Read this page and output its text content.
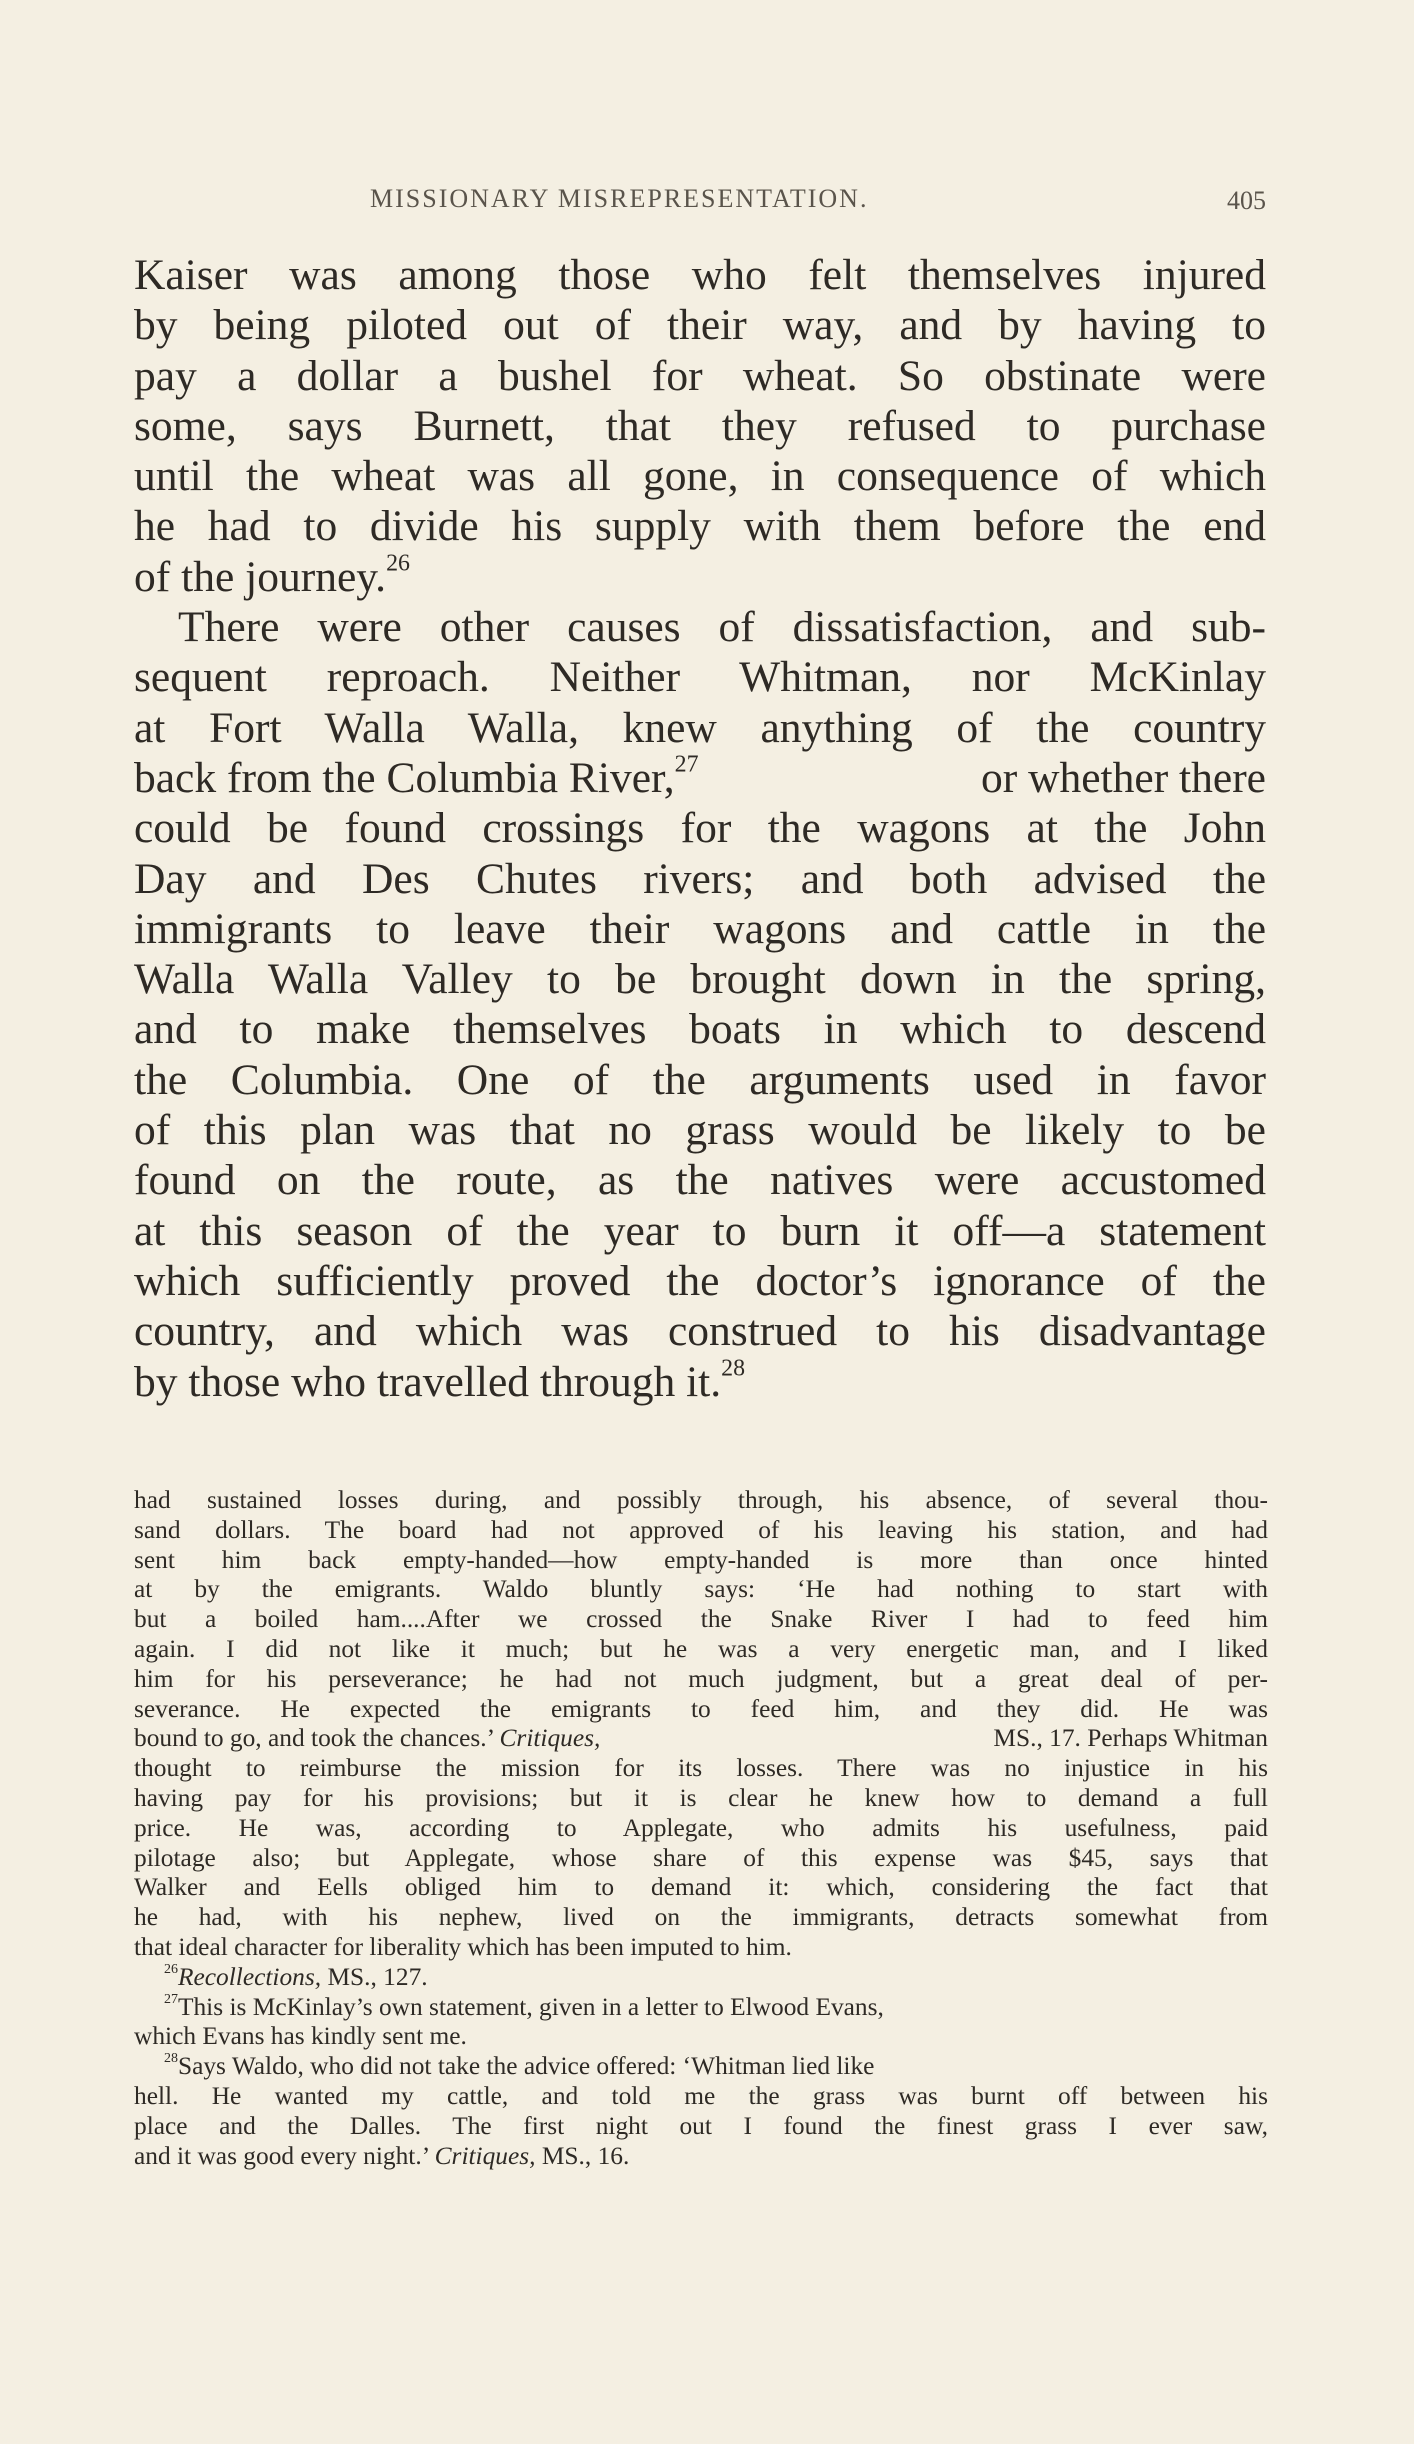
MISSIONARY MISREPRESENTATION.	405
Kaiser was among those who felt themselves injured
by being piloted out of their way, and by having to
pay a dollar a bushel for wheat. So obstinate were
some, says Burnett, that they refused to purchase
until the wheat was all gone, in consequence of which
he had to divide his supply with them before the end
of the journey.$^{26}$
There were other causes of dissatisfaction, and sub-
sequent reproach. Neither Whitman, nor McKinlay
at Fort Walla Walla, knew anything of the country
back from the Columbia River,$^{27}$	or whether there
could be found crossings for the wagons at the John
Day and Des Chutes rivers; and both advised the
immigrants to leave their wagons and cattle in the
Walla Walla Valley to be brought down in the spring,
and to make themselves boats in which to descend
the Columbia. One of the arguments used in favor
of this plan was that no grass would be likely to be
found on the route, as the natives were accustomed
at this season of the year to burn it off—a statement
which sufficiently proved the doctor’s ignorance of the
country, and which was construed to his disadvantage
by those who travelled through it.$^{28}$
had sustained losses during, and possibly through, his absence, of several thou-
sand dollars. The board had not approved of his leaving his station, and had
sent him back empty-handed—how empty-handed is more than once hinted
at by the emigrants. Waldo bluntly says: ‘He had nothing to start with
but a boiled ham....After we crossed the Snake River I had to feed him
again. I did not like it much; but he was a very energetic man, and I liked
him for his perseverance; he had not much judgment, but a great deal of per-
severance. He expected the emigrants to feed him, and they did. He was
bound to go, and took the chances.’ Critiques,	MS., 17. Perhaps Whitman
thought to reimburse the mission for its losses. There was no injustice in his
having pay for his provisions; but it is clear he knew how to demand a full
price. He was, according to Applegate, who admits his usefulness, paid
pilotage also; but Applegate, whose share of this expense was $45, says that
Walker and Eells obliged him to demand it: which, considering the fact that
he had, with his nephew, lived on the immigrants, detracts somewhat from
that ideal character for liberality which has been imputed to him.
$^{26}$Recollections, MS., 127.
$^{27}$This is McKinlay’s own statement, given in a letter to Elwood Evans,
which Evans has kindly sent me.
$^{28}$Says Waldo, who did not take the advice offered: ‘Whitman lied like
hell. He wanted my cattle, and told me the grass was burnt off between his
place and the Dalles. The first night out I found the finest grass I ever saw,
and it was good every night.’ Critiques, MS., 16.
